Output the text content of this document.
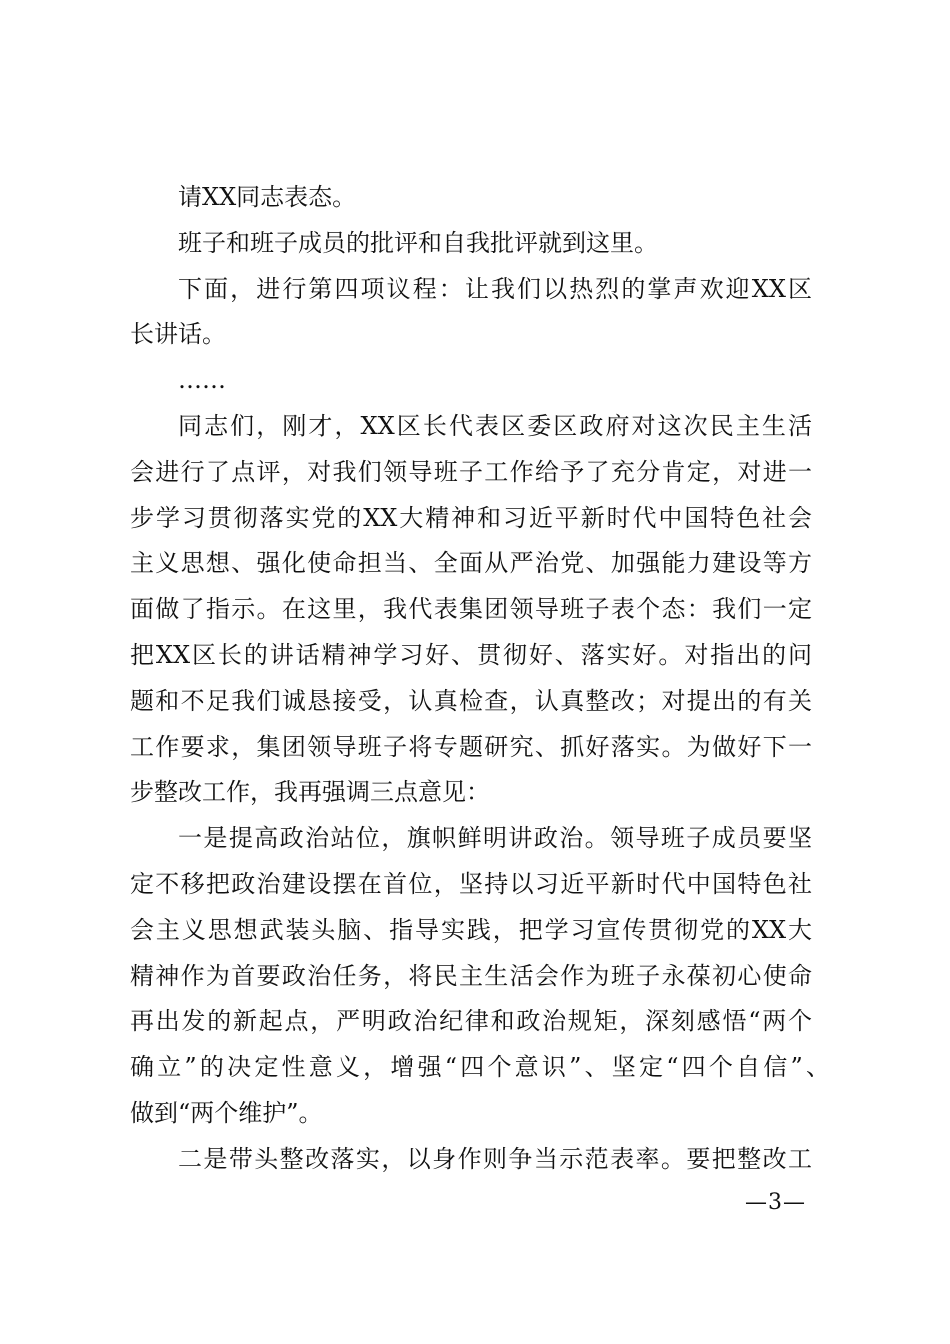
请XX同志表态。
班子和班子成员的批评和自我批评就到这里。
下面，进行第四项议程：让我们以热烈的掌声欢迎XX区
长讲话。
……
同志们，刚才，XX区长代表区委区政府对这次民主生活
会进行了点评，对我们领导班子工作给予了充分肯定，对进一
步学习贯彻落实党的XX大精神和习近平新时代中国特色社会
主义思想、强化使命担当、全面从严治党、加强能力建设等方
面做了指示。在这里，我代表集团领导班子表个态：我们一定
把XX区长的讲话精神学习好、贯彻好、落实好。对指出的问
题和不足我们诚恳接受，认真检查，认真整改；对提出的有关
工作要求，集团领导班子将专题研究、抓好落实。为做好下一
步整改工作，我再强调三点意见：
一是提高政治站位，旗帜鲜明讲政治。领导班子成员要坚
定不移把政治建设摆在首位，坚持以习近平新时代中国特色社
会主义思想武装头脑、指导实践，把学习宣传贯彻党的XX大
精神作为首要政治任务，将民主生活会作为班子永葆初心使命
再出发的新起点，严明政治纪律和政治规矩，深刻感悟“两个
确立”的决定性意义，增强“四个意识”、坚定“四个自信”、
做到“两个维护”。
二是带头整改落实，以身作则争当示范表率。要把整改工
—3—
